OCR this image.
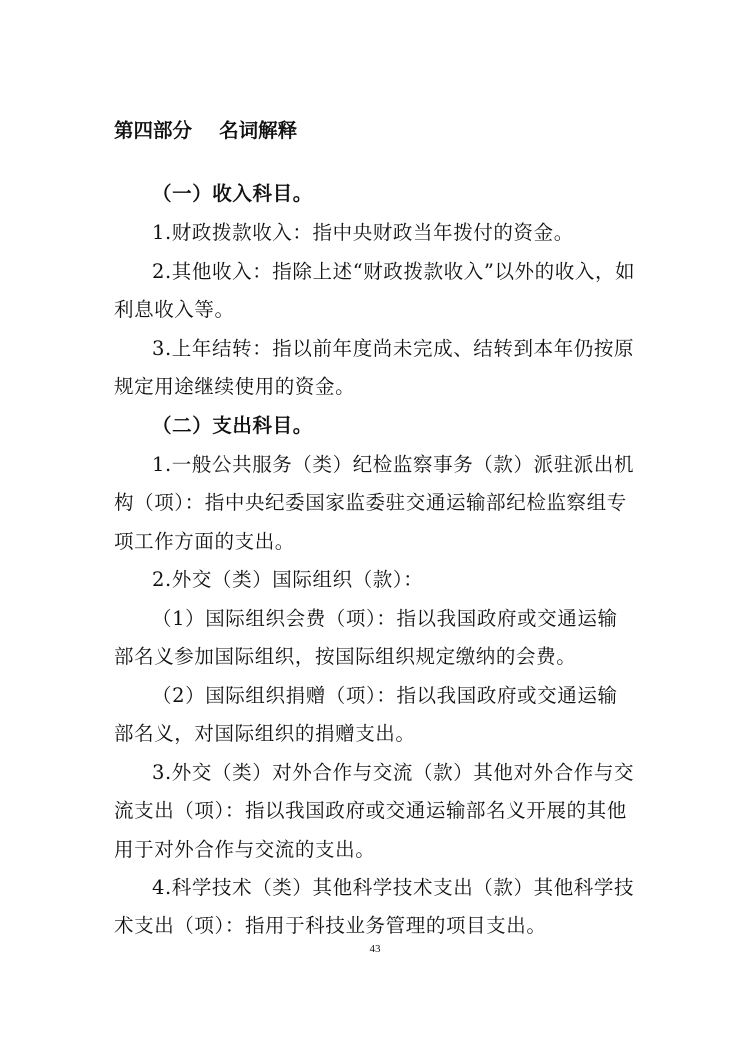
第四部分    名词解释
（一）收入科目。
1.财政拨款收入：指中央财政当年拨付的资金。
2.其他收入：指除上述“财政拨款收入”以外的收入，如
利息收入等。
3.上年结转：指以前年度尚未完成、结转到本年仍按原
规定用途继续使用的资金。
（二）支出科目。
1.一般公共服务（类）纪检监察事务（款）派驻派出机
构（项）：指中央纪委国家监委驻交通运输部纪检监察组专
项工作方面的支出。
2.外交（类）国际组织（款）：
（1）国际组织会费（项）：指以我国政府或交通运输
部名义参加国际组织，按国际组织规定缴纳的会费。
（2）国际组织捐赠（项）：指以我国政府或交通运输
部名义，对国际组织的捐赠支出。
3.外交（类）对外合作与交流（款）其他对外合作与交
流支出（项）：指以我国政府或交通运输部名义开展的其他
用于对外合作与交流的支出。
4.科学技术（类）其他科学技术支出（款）其他科学技
术支出（项）：指用于科技业务管理的项目支出。
43
